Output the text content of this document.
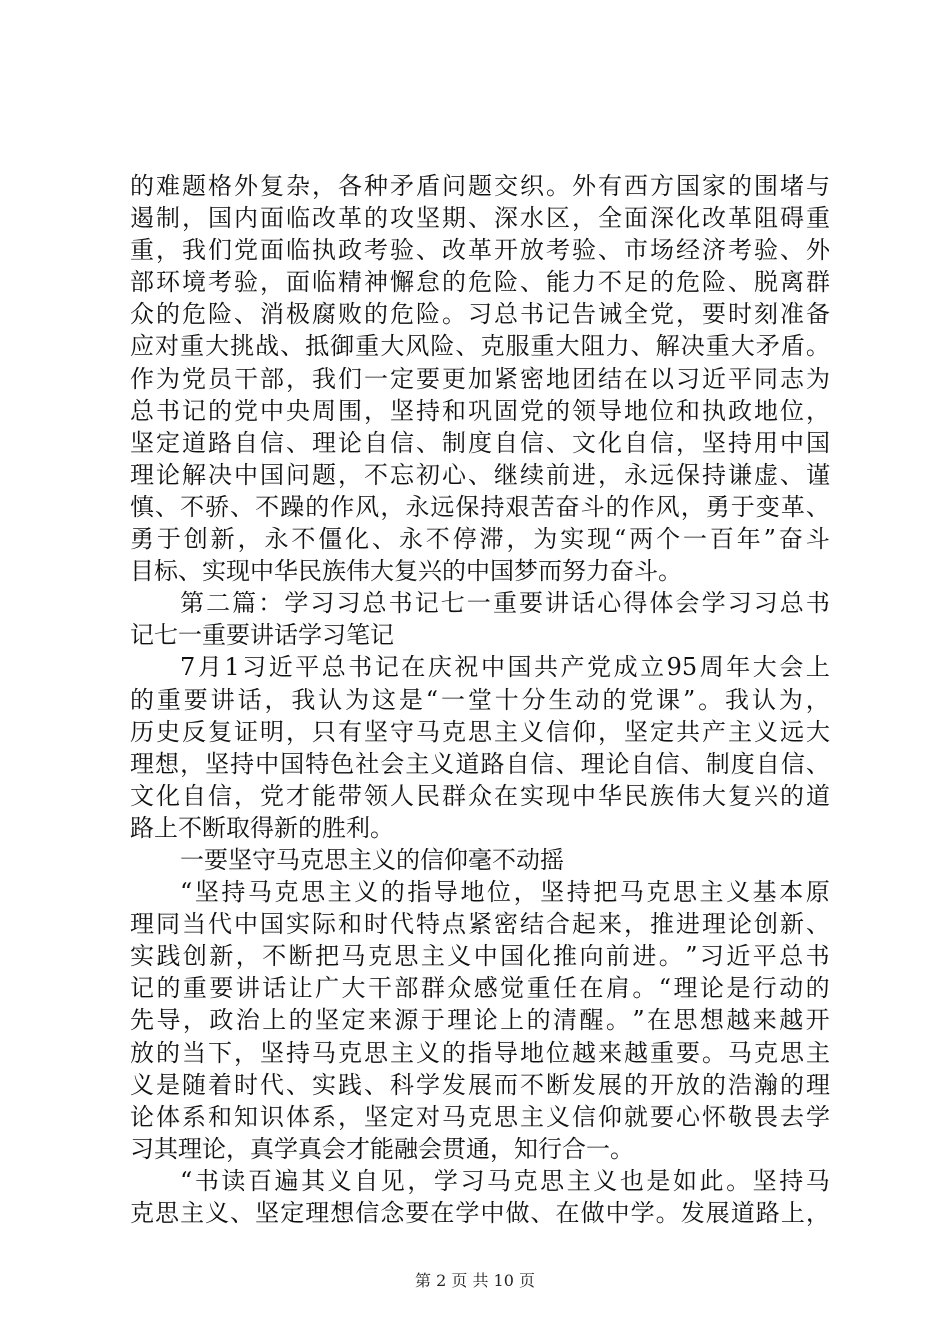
的 难 题 格 外 复 杂 ， 各 种 矛 盾 问 题 交 织 。 外 有 西 方 国 家 的 围 堵 与
遏 制 ， 国 内 面 临 改 革 的 攻 坚 期 、 深 水 区 ， 全 面 深 化 改 革 阻 碍 重
重 ， 我 们 党 面 临 执 政 考 验 、 改 革 开 放 考 验 、 市 场 经 济 考 验 、 外
部 环 境 考 验 ， 面 临 精 神 懈 怠 的 危 险 、 能 力 不 足 的 危 险 、 脱 离 群
众 的 危 险 、 消 极 腐 败 的 危 险 。 习 总 书 记 告 诫 全 党 ， 要 时 刻 准 备
应 对 重 大 挑 战 、 抵 御 重 大 风 险 、 克 服 重 大 阻 力 、 解 决 重 大 矛 盾 。
作 为 党 员 干 部 ， 我 们 一 定 要 更 加 紧 密 地 团 结 在 以 习 近 平 同 志 为
总 书 记 的 党 中 央 周 围 ， 坚 持 和 巩 固 党 的 领 导 地 位 和 执 政 地 位 ，
坚 定 道 路 自 信 、 理 论 自 信 、 制 度 自 信 、 文 化 自 信 ， 坚 持 用 中 国
理 论 解 决 中 国 问 题 ， 不 忘 初 心 、 继 续 前 进 ， 永 远 保 持 谦 虚 、 谨
慎 、 不 骄 、 不 躁 的 作 风 ， 永 远 保 持 艰 苦 奋 斗 的 作 风 ， 勇 于 变 革 、
勇 于 创 新 ， 永 不 僵 化 、 永 不 停 滞 ， 为 实 现 “ 两 个 一 百 年 ” 奋 斗
目标、实现中华民族伟大复兴的中国梦而努力奋斗。
第 二 篇 ： 学 习 习 总 书 记 七 一 重 要 讲 话 心 得 体 会 学 习 习 总 书
记七一重要讲话学习笔记
7 月 1 习 近 平 总 书 记 在 庆 祝 中 国 共 产 党 成 立 95 周 年 大 会 上
的 重 要 讲 话 ， 我 认 为 这 是 “ 一 堂 十 分 生 动 的 党 课 ” 。 我 认 为 ，
历 史 反 复 证 明 ， 只 有 坚 守 马 克 思 主 义 信 仰 ， 坚 定 共 产 主 义 远 大
理 想 ， 坚 持 中 国 特 色 社 会 主 义 道 路 自 信 、 理 论 自 信 、 制 度 自 信 、
文 化 自 信 ， 党 才 能 带 领 人 民 群 众 在 实 现 中 华 民 族 伟 大 复 兴 的 道
路上不断取得新的胜利。
一要坚守马克思主义的信仰毫不动摇
“ 坚 持 马 克 思 主 义 的 指 导 地 位 ， 坚 持 把 马 克 思 主 义 基 本 原
理 同 当 代 中 国 实 际 和 时 代 特 点 紧 密 结 合 起 来 ， 推 进 理 论 创 新 、
实 践 创 新 ， 不 断 把 马 克 思 主 义 中 国 化 推 向 前 进 。 ” 习 近 平 总 书
记 的 重 要 讲 话 让 广 大 干 部 群 众 感 觉 重 任 在 肩 。 “ 理 论 是 行 动 的
先 导 ， 政 治 上 的 坚 定 来 源 于 理 论 上 的 清 醒 。 ” 在 思 想 越 来 越 开
放 的 当 下 ， 坚 持 马 克 思 主 义 的 指 导 地 位 越 来 越 重 要 。 马 克 思 主
义 是 随 着 时 代 、 实 践 、 科 学 发 展 而 不 断 发 展 的 开 放 的 浩 瀚 的 理
论 体 系 和 知 识 体 系 ， 坚 定 对 马 克 思 主 义 信 仰 就 要 心 怀 敬 畏 去 学
习其理论，真学真会才能融会贯通，知行合一。
“ 书 读 百 遍 其 义 自 见 ， 学 习 马 克 思 主 义 也 是 如 此 。 坚 持 马
克 思 主 义 、 坚 定 理 想 信 念 要 在 学 中 做 、 在 做 中 学 。 发 展 道 路 上 ，
第 2 页 共 10 页
